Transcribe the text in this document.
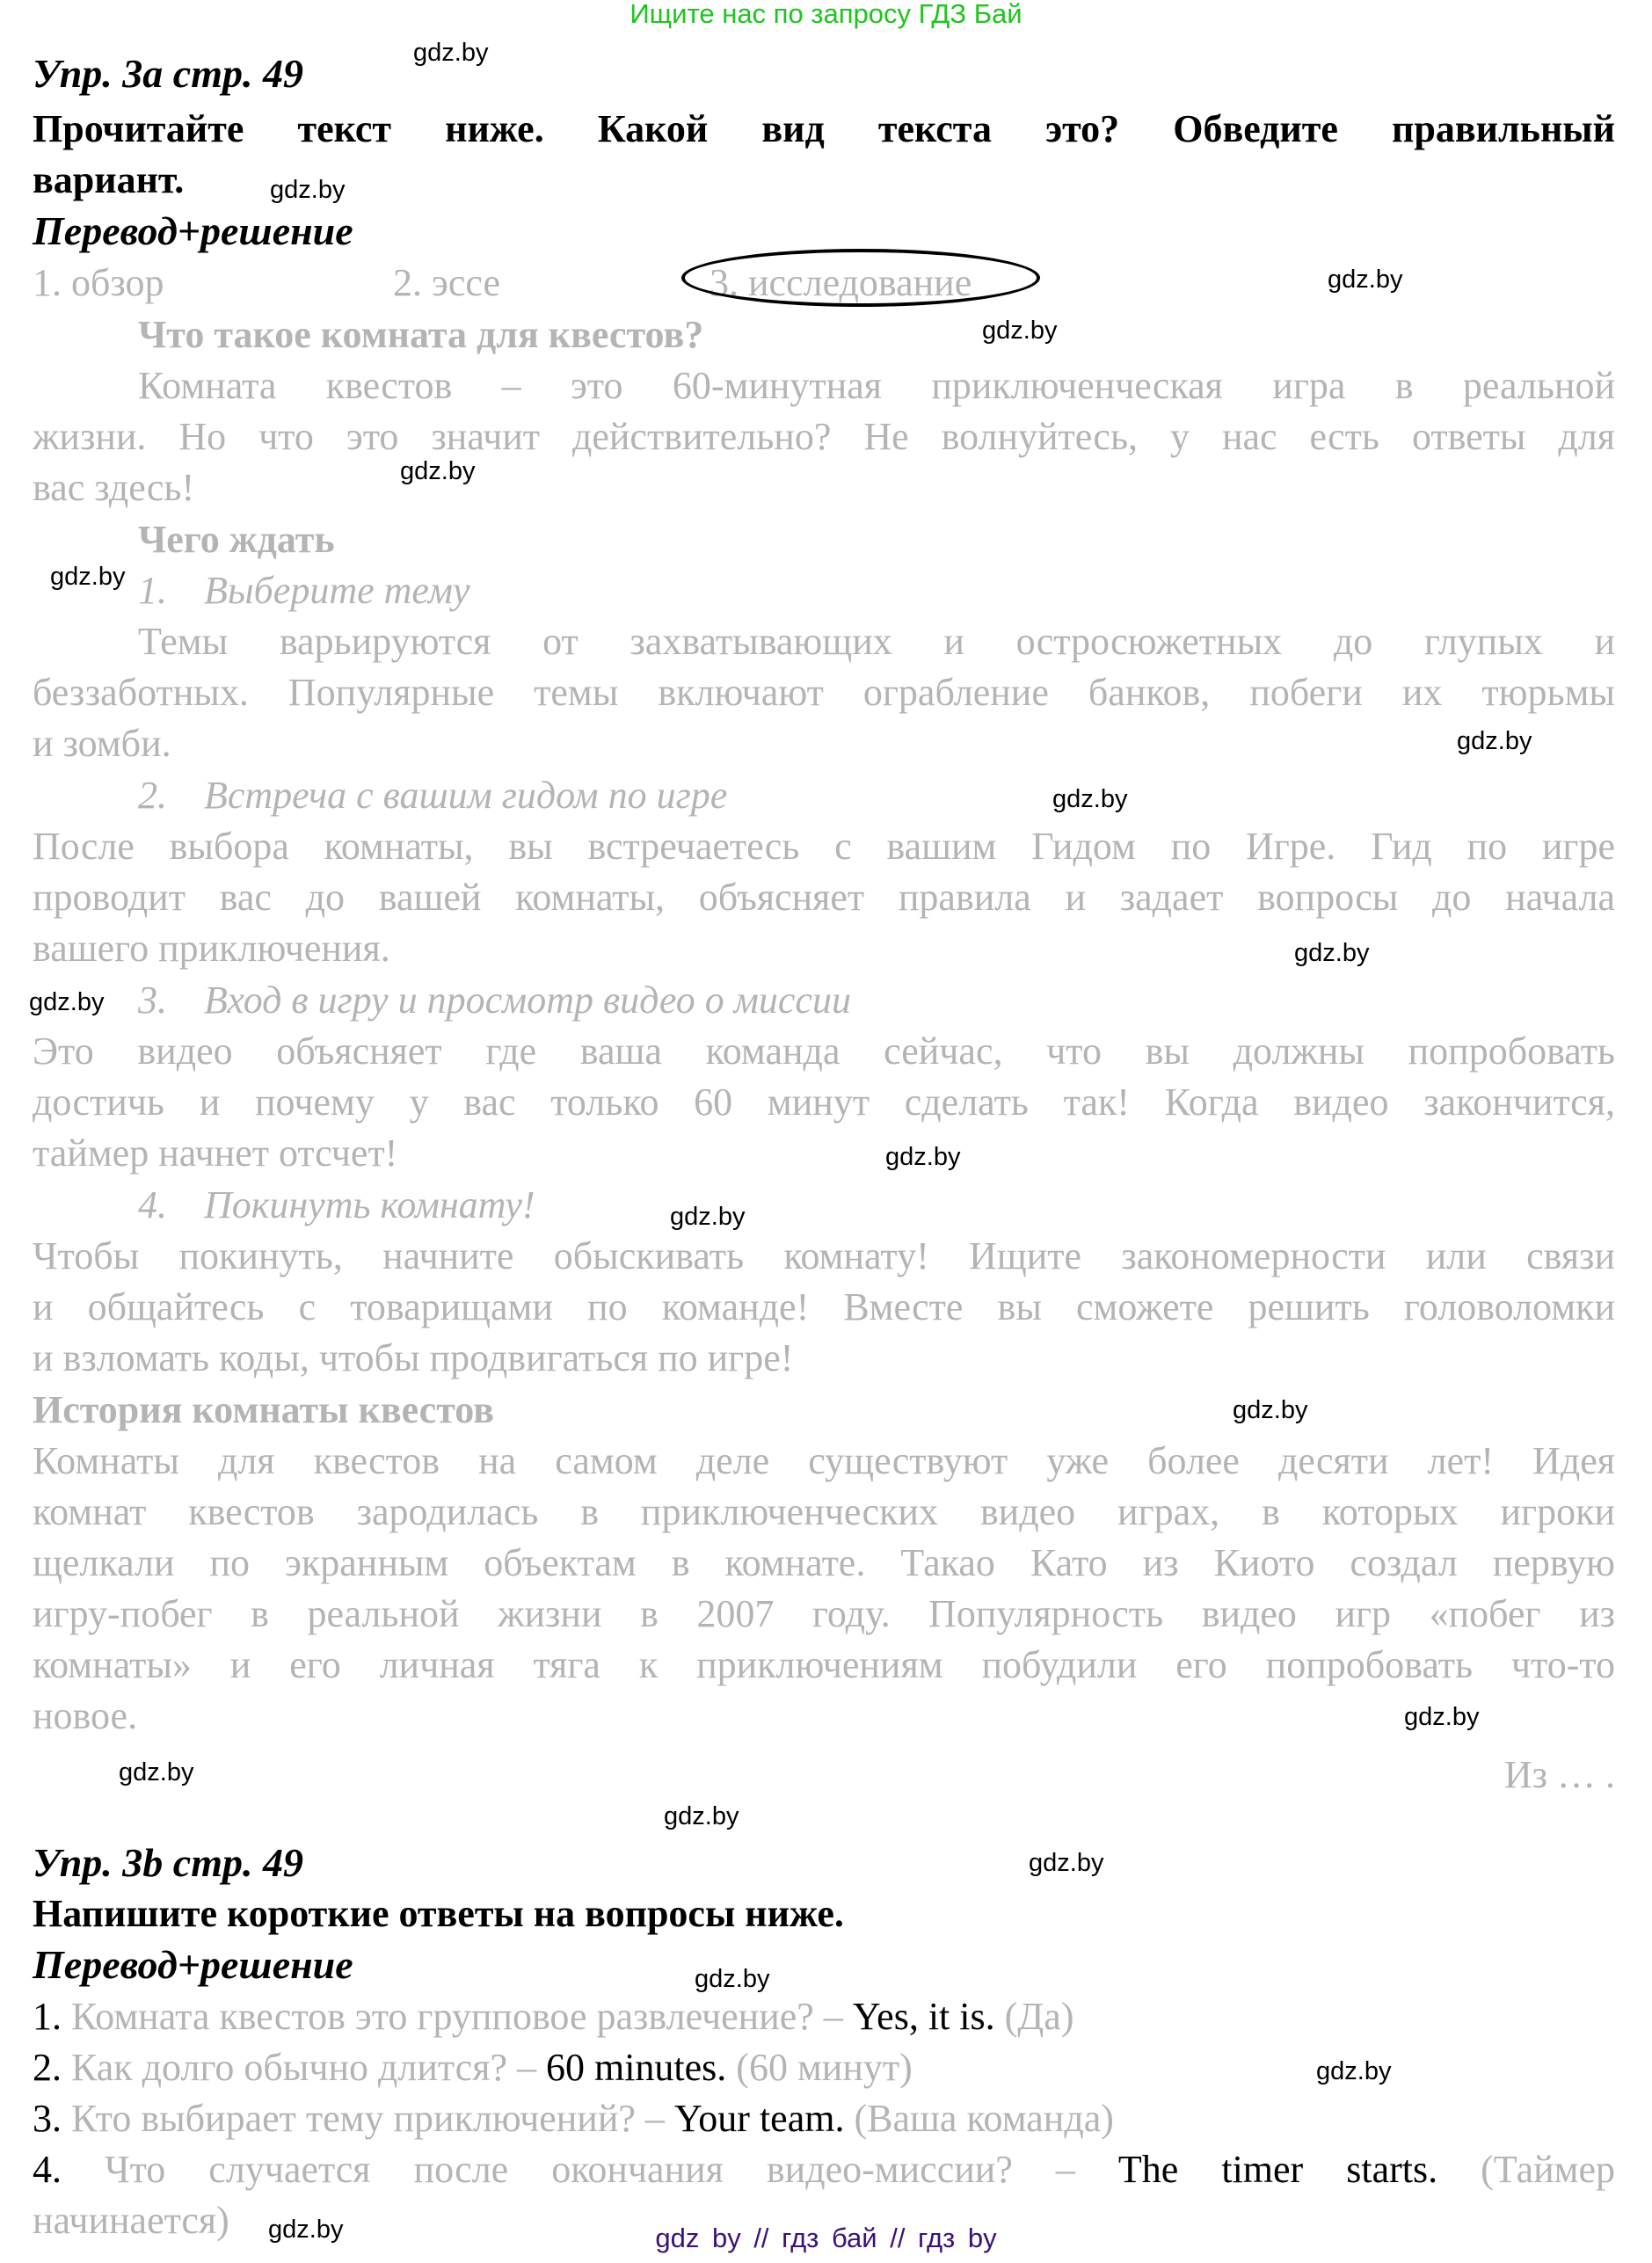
Ищите нас по запросу ГДЗ Бай
gdz.by
gdz.by
gdz.by
gdz.by
gdz.by
gdz.by
gdz.by
gdz.by
gdz.by
gdz.by
gdz.by
gdz.by
gdz.by
gdz.by
gdz.by
gdz.by
gdz.by
gdz.by
gdz.by
gdz.by
Упр. 3а стр. 49
Прочитайте текст ниже. Какой вид текста это? Обведите правильный
вариант.
Перевод+решение
1. обзор	2. эссе	3. исследование
Что такое комната для квестов?
Комната квестов – это 60-минутная приключенческая игра в реальной
жизни. Но что это значит действительно? Не волнуйтесь, у нас есть ответы для
вас здесь!
Чего ждать
1. Выберите тему
Темы варьируются от захватывающих и остросюжетных до глупых и
беззаботных. Популярные темы включают ограбление банков, побеги их тюрьмы
и зомби.
2. Встреча с вашим гидом по игре
После выбора комнаты, вы встречаетесь с вашим Гидом по Игре. Гид по игре
проводит вас до вашей комнаты, объясняет правила и задает вопросы до начала
вашего приключения.
3. Вход в игру и просмотр видео о миссии
Это видео объясняет где ваша команда сейчас, что вы должны попробовать
достичь и почему у вас только 60 минут сделать так! Когда видео закончится,
таймер начнет отсчет!
4. Покинуть комнату!
Чтобы покинуть, начните обыскивать комнату! Ищите закономерности или связи
и общайтесь с товарищами по команде! Вместе вы сможете решить головоломки
и взломать коды, чтобы продвигаться по игре!
История комнаты квестов
Комнаты для квестов на самом деле существуют уже более десяти лет! Идея
комнат квестов зародилась в приключенческих видео играх, в которых игроки
щелкали по экранным объектам в комнате. Такао Като из Киото создал первую
игру-побег в реальной жизни в 2007 году. Популярность видео игр «побег из
комнаты» и его личная тяга к приключениям побудили его попробовать что-то
новое.
Из … .
Упр. 3b стр. 49
Напишите короткие ответы на вопросы ниже.
Перевод+решение
1. Комната квестов это групповое развлечение? – Yes, it is. (Да)
2. Как долго обычно длится? – 60 minutes. (60 минут)
3. Кто выбирает тему приключений? – Your team. (Ваша команда)
4. Что случается после окончания видео-миссии? – The timer starts. (Таймер
начинается)	gdz by // гдз бай // гдз by
